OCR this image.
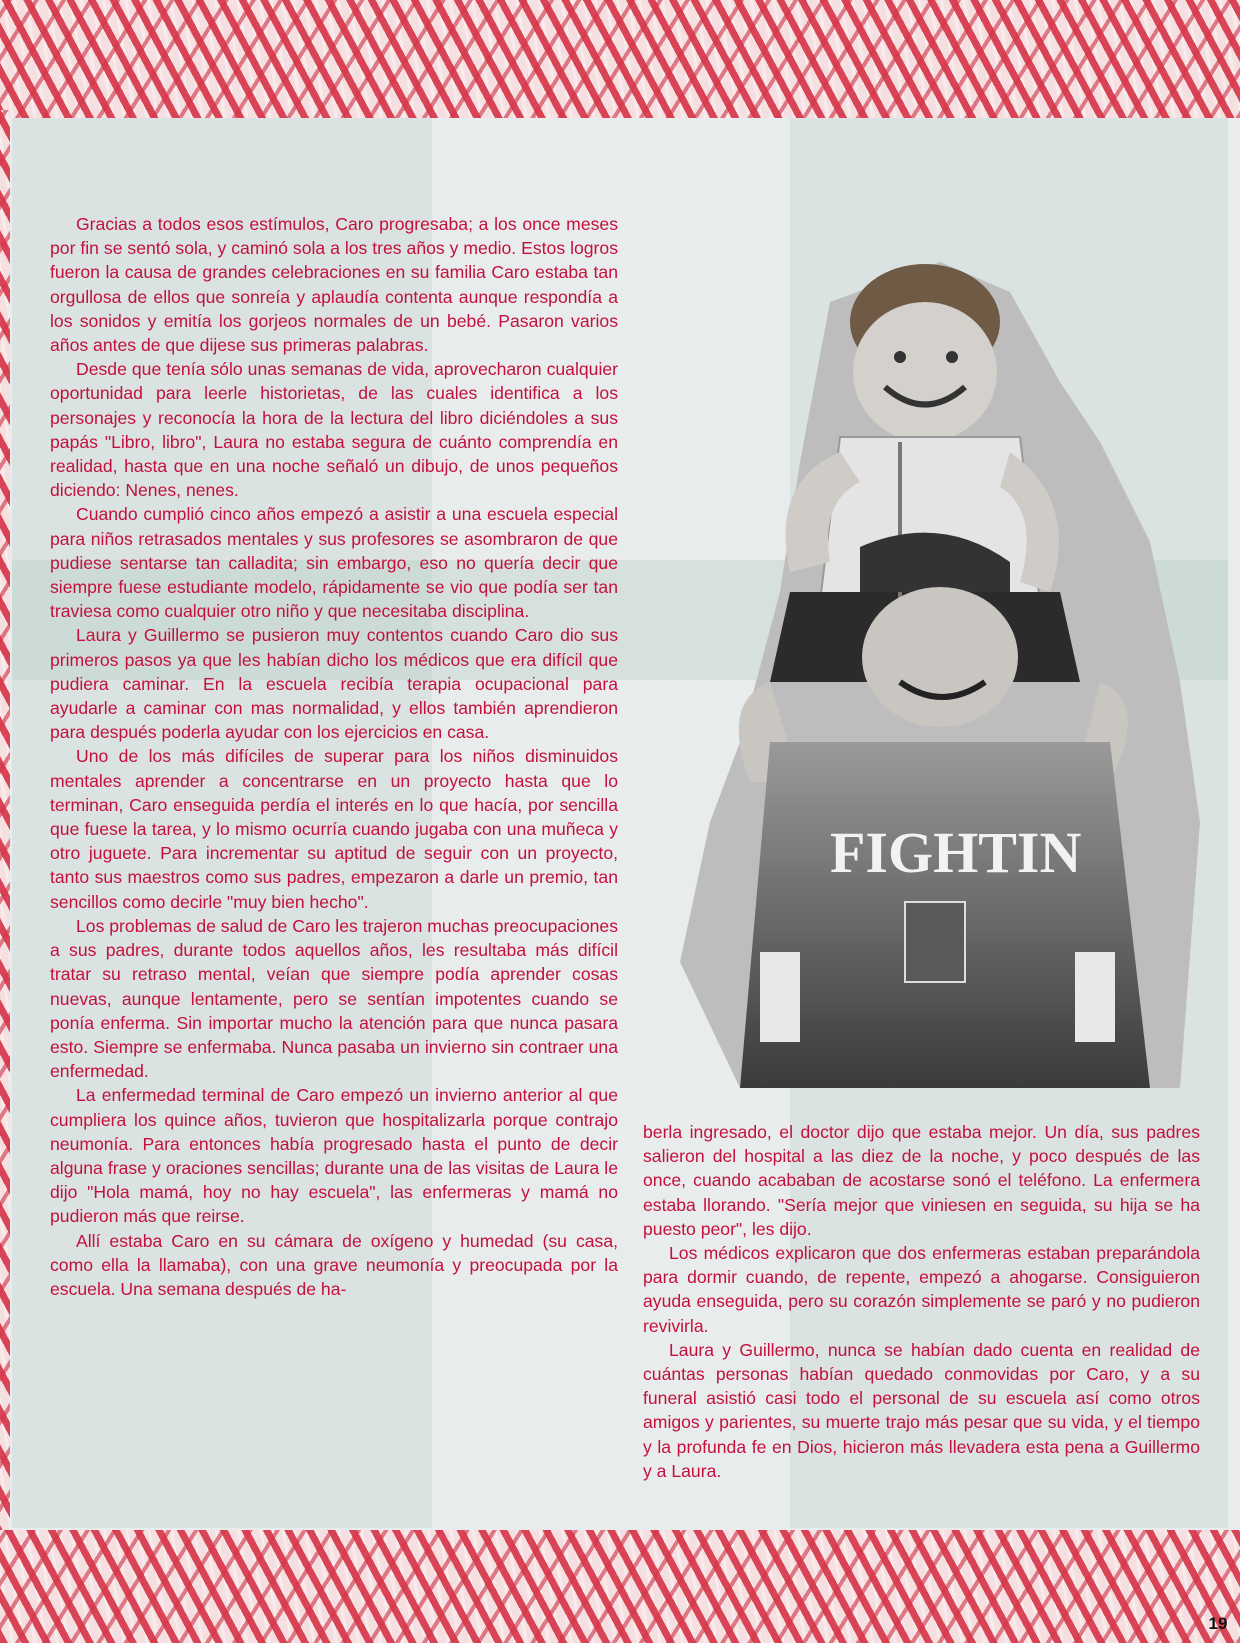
Gracias a todos esos estímulos, Caro progresaba; a los once meses por fin se sentó sola, y caminó sola a los tres años y medio. Estos logros fueron la causa de grandes celebraciones en su familia Caro estaba tan orgullosa de ellos que sonreía y aplaudía contenta aunque respondía a los sonidos y emitía los gorjeos normales de un bebé. Pasaron varios años antes de que dijese sus primeras palabras.

Desde que tenía sólo unas semanas de vida, aprovecharon cualquier oportunidad para leerle historietas, de las cuales identifica a los personajes y reconocía la hora de la lectura del libro diciéndoles a sus papás "Libro, libro", Laura no estaba segura de cuánto comprendía en realidad, hasta que en una noche señaló un dibujo, de unos pequeños diciendo: Nenes, nenes.

Cuando cumplió cinco años empezó a asistir a una escuela especial para niños retrasados mentales y sus profesores se asombraron de que pudiese sentarse tan calladita; sin embargo, eso no quería decir que siempre fuese estudiante modelo, rápidamente se vio que podía ser tan traviesa como cualquier otro niño y que necesitaba disciplina.

Laura y Guillermo se pusieron muy contentos cuando Caro dio sus primeros pasos ya que les habían dicho los médicos que era difícil que pudiera caminar. En la escuela recibía terapia ocupacional para ayudarle a caminar con mas normalidad, y ellos también aprendieron para después poderla ayudar con los ejercicios en casa.

Uno de los más difíciles de superar para los niños disminuidos mentales aprender a concentrarse en un proyecto hasta que lo terminan, Caro enseguida perdía el interés en lo que hacía, por sencilla que fuese la tarea, y lo mismo ocurría cuando jugaba con una muñeca y otro juguete. Para incrementar su aptitud de seguir con un proyecto, tanto sus maestros como sus padres, empezaron a darle un premio, tan sencillos como decirle "muy bien hecho".

Los problemas de salud de Caro les trajeron muchas preocupaciones a sus padres, durante todos aquellos años, les resultaba más difícil tratar su retraso mental, veían que siempre podía aprender cosas nuevas, aunque lentamente, pero se sentían impotentes cuando se ponía enferma. Sin importar mucho la atención para que nunca pasara esto. Siempre se enfermaba. Nunca pasaba un invierno sin contraer una enfermedad.

La enfermedad terminal de Caro empezó un invierno anterior al que cumpliera los quince años, tuvieron que hospitalizarla porque contrajo neumonía. Para entonces había progresado hasta el punto de decir alguna frase y oraciones sencillas; durante una de las visitas de Laura le dijo "Hola mamá, hoy no hay escuela", las enfermeras y mamá no pudieron más que reirse.

Allí estaba Caro en su cámara de oxígeno y humedad (su casa, como ella la llamaba), con una grave neumonía y preocupada por la escuela. Una semana después de ha-

FIGHTIN

berla ingresado, el doctor dijo que estaba mejor. Un día, sus padres salieron del hospital a las diez de la noche, y poco después de las once, cuando acababan de acostarse sonó el teléfono. La enfermera estaba llorando. "Sería mejor que viniesen en seguida, su hija se ha puesto peor", les dijo.

Los médicos explicaron que dos enfermeras estaban preparándola para dormir cuando, de repente, empezó a ahogarse. Consiguieron ayuda enseguida, pero su corazón simplemente se paró y no pudieron revivirla.

Laura y Guillermo, nunca se habían dado cuenta en realidad de cuántas personas habían quedado conmovidas por Caro, y a su funeral asistió casi todo el personal de su escuela así como otros amigos y parientes, su muerte trajo más pesar que su vida, y el tiempo y la profunda fe en Dios, hicieron más llevadera esta pena a Guillermo y a Laura.

19
